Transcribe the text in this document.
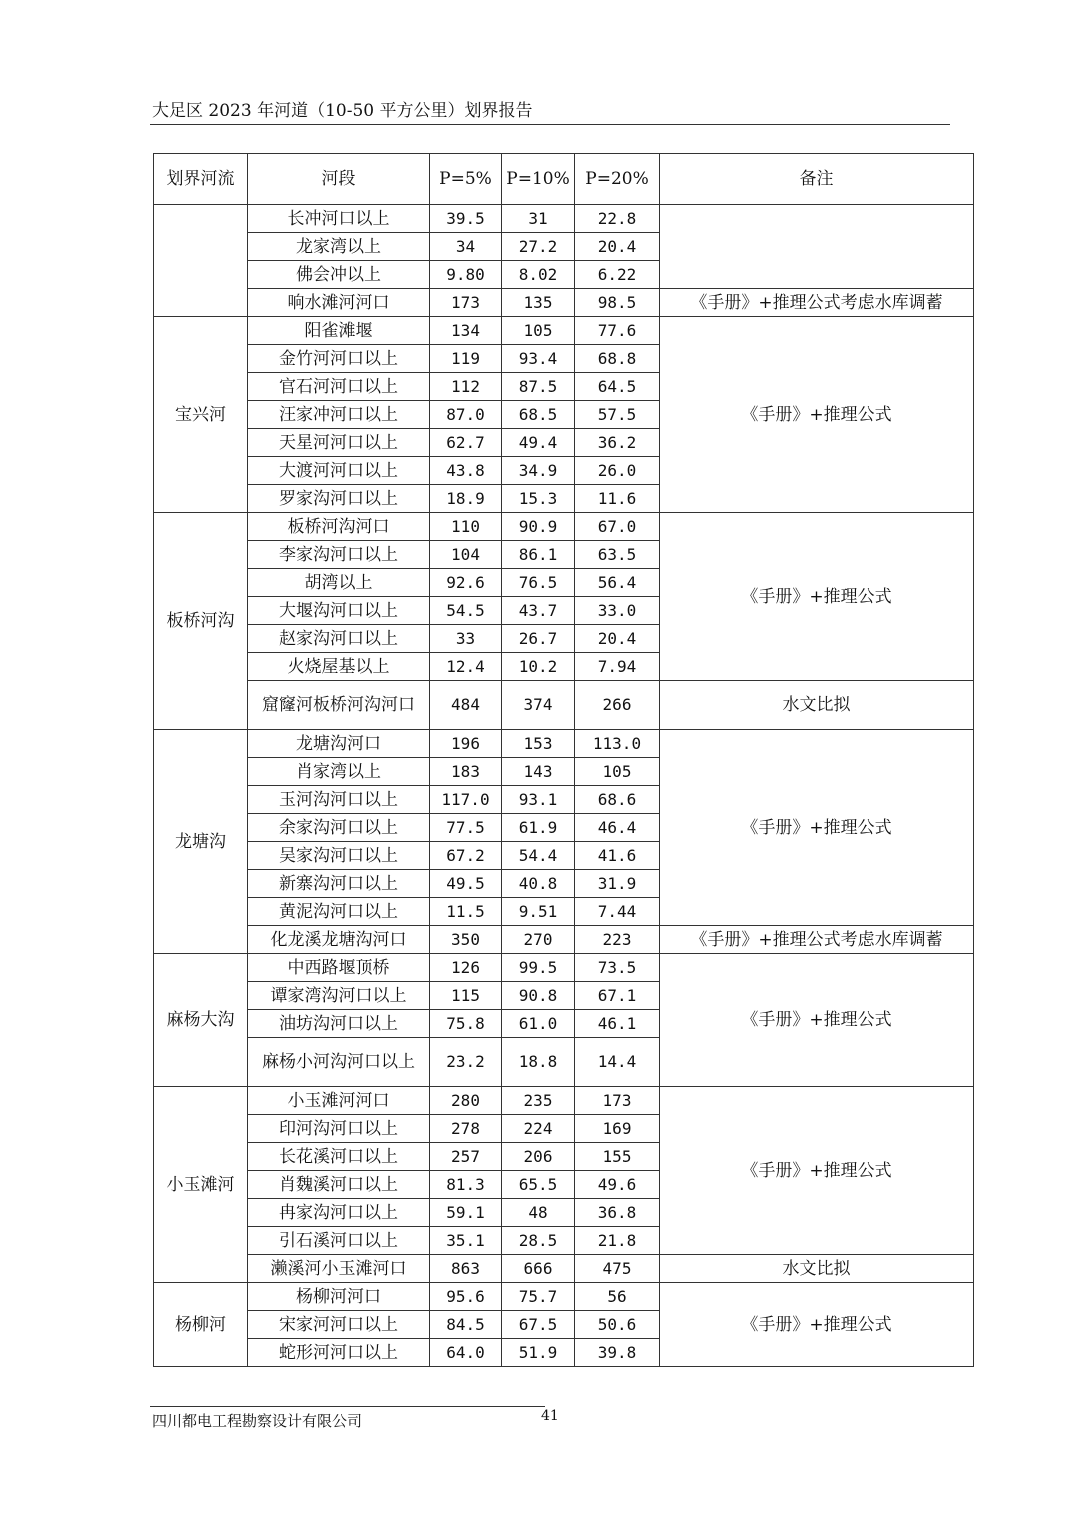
大足区 2023 年河道（10-50 平方公里）划界报告
划界河流	河段	P=5%	P=10%	P=20%	备注
	长冲河口以上	39.5	31	22.8	
	龙家湾以上	34	27.2	20.4	
	佛会冲以上	9.80	8.02	6.22	
	响水滩河河口	173	135	98.5	《手册》+推理公式考虑水库调蓄
宝兴河	阳雀滩堰	134	105	77.6	《手册》+推理公式
	金竹河河口以上	119	93.4	68.8	
	官石河河口以上	112	87.5	64.5	
	汪家冲河口以上	87.0	68.5	57.5	
	天星河河口以上	62.7	49.4	36.2	
	大渡河河口以上	43.8	34.9	26.0	
	罗家沟河口以上	18.9	15.3	11.6	
板桥河沟	板桥河沟河口	110	90.9	67.0	《手册》+推理公式
	李家沟河口以上	104	86.1	63.5	
	胡湾以上	92.6	76.5	56.4	
	大堰沟河口以上	54.5	43.7	33.0	
	赵家沟河口以上	33	26.7	20.4	
	火烧屋基以上	12.4	10.2	7.94	
	窟窿河板桥河沟河口	484	374	266	水文比拟
龙塘沟	龙塘沟河口	196	153	113.0	《手册》+推理公式
	肖家湾以上	183	143	105	
	玉河沟河口以上	117.0	93.1	68.6	
	余家沟河口以上	77.5	61.9	46.4	
	吴家沟河口以上	67.2	54.4	41.6	
	新寨沟河口以上	49.5	40.8	31.9	
	黄泥沟河口以上	11.5	9.51	7.44	
	化龙溪龙塘沟河口	350	270	223	《手册》+推理公式考虑水库调蓄
麻杨大沟	中西路堰顶桥	126	99.5	73.5	《手册》+推理公式
	谭家湾沟河口以上	115	90.8	67.1	
	油坊沟河口以上	75.8	61.0	46.1	
	麻杨小河沟河口以上	23.2	18.8	14.4	
小玉滩河	小玉滩河河口	280	235	173	《手册》+推理公式
	印河沟河口以上	278	224	169	
	长花溪河口以上	257	206	155	
	肖魏溪河口以上	81.3	65.5	49.6	
	冉家沟河口以上	59.1	48	36.8	
	引石溪河口以上	35.1	28.5	21.8	
	濑溪河小玉滩河口	863	666	475	水文比拟
杨柳河	杨柳河河口	95.6	75.7	56	《手册》+推理公式
	宋家河河口以上	84.5	67.5	50.6	
	蛇形河河口以上	64.0	51.9	39.8	
四川都电工程勘察设计有限公司	41
